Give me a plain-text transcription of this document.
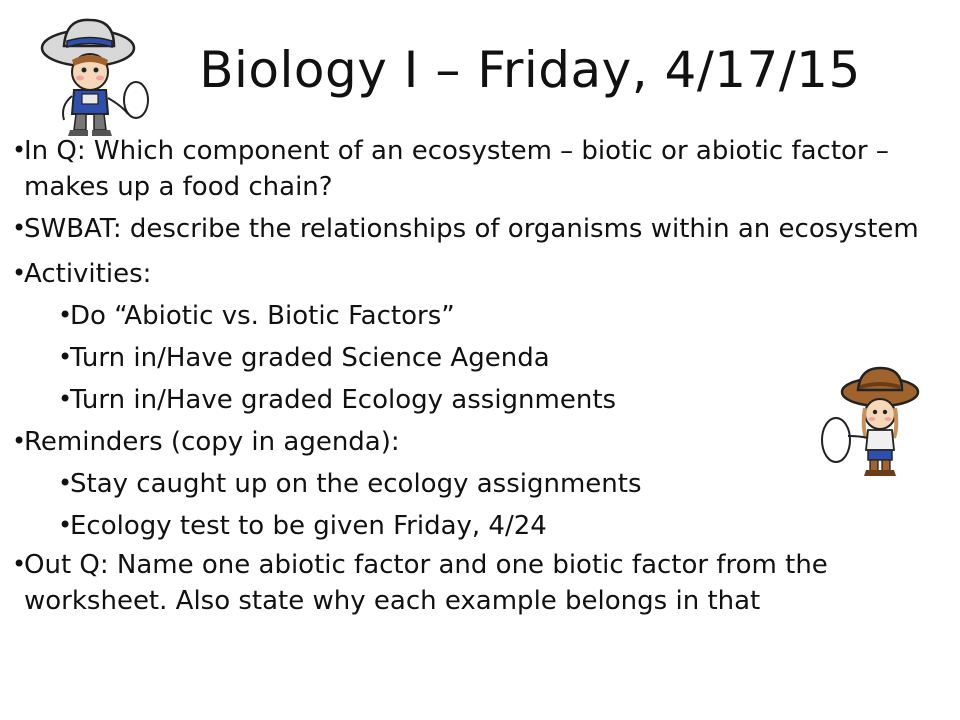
Biology I – Friday, 4/17/15
• In Q: Which component of an ecosystem – biotic or abiotic factor – makes up a food chain?
• SWBAT: describe the relationships of organisms within an ecosystem
• Activities:
• Do “Abiotic vs. Biotic Factors”
• Turn in/Have graded Science Agenda
• Turn in/Have graded Ecology assignments
• Reminders (copy in agenda):
• Stay caught up on the ecology assignments
• Ecology test to be given Friday, 4/24
• Out Q: Name one abiotic factor and one biotic factor from the worksheet. Also state why each example belongs in that
